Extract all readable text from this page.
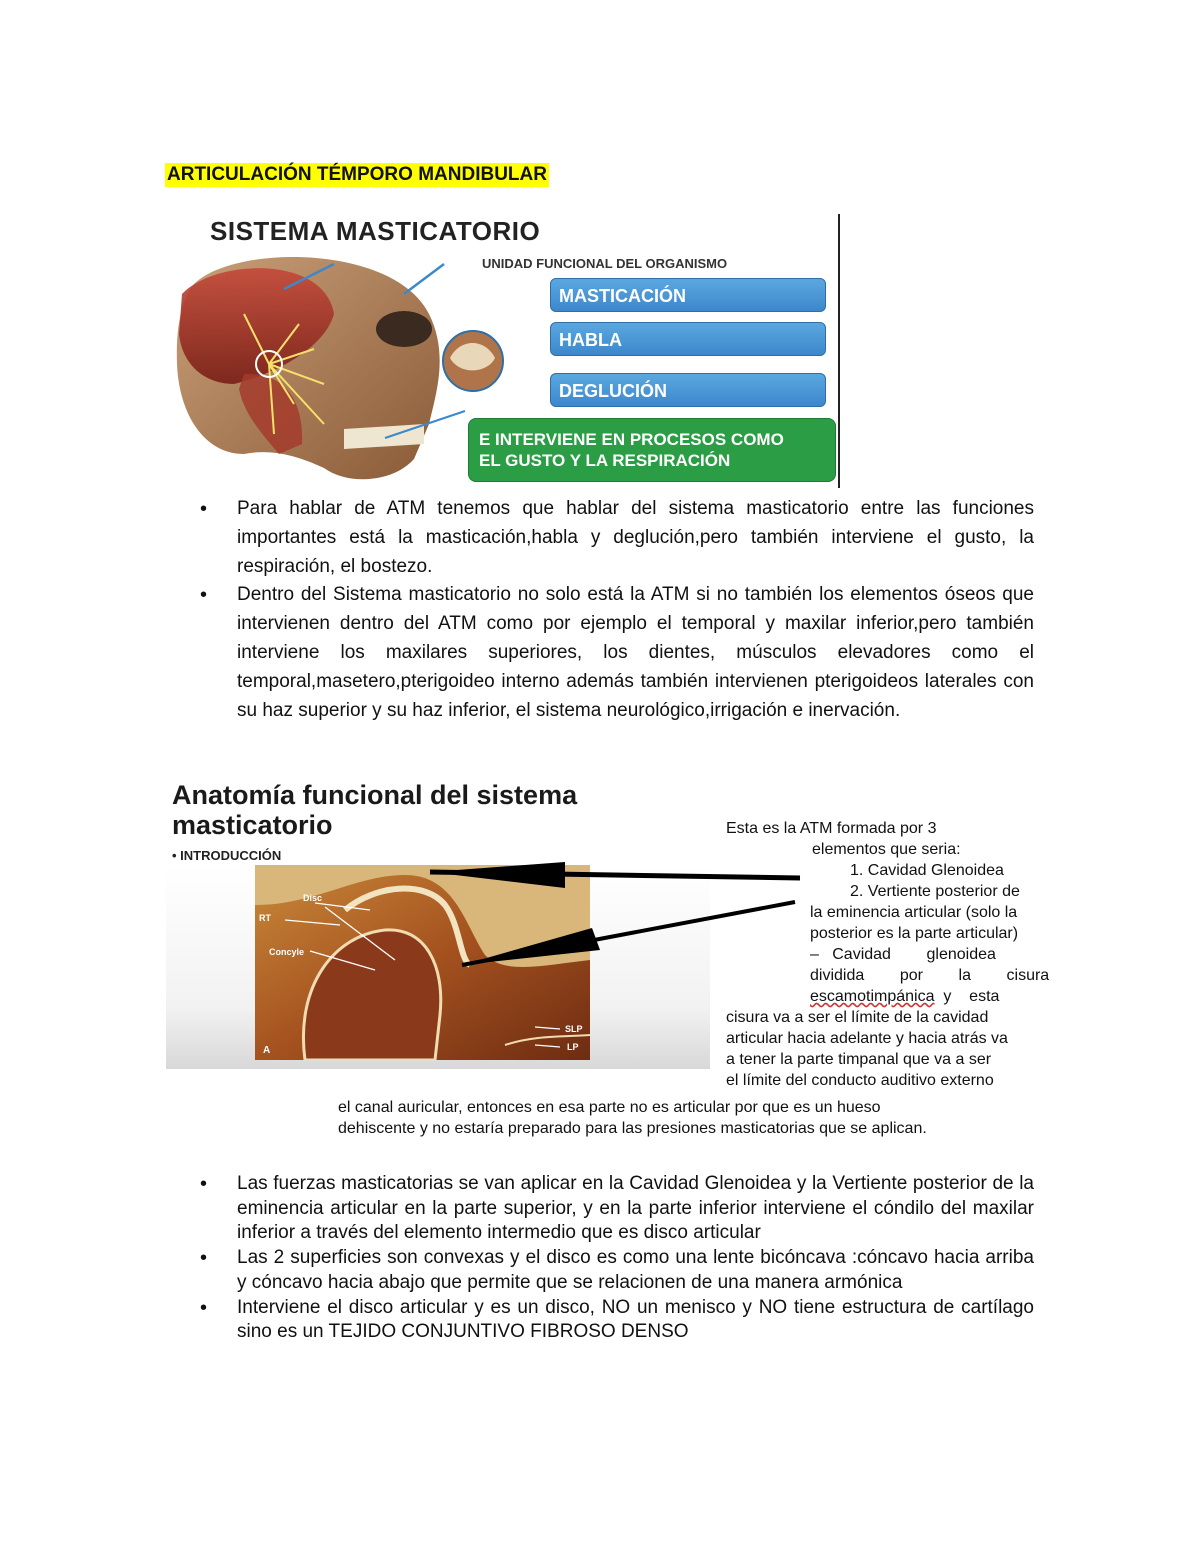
ARTICULACIÓN TÉMPORO MANDIBULAR
SISTEMA MASTICATORIO
UNIDAD FUNCIONAL DEL ORGANISMO
MASTICACIÓN
HABLA
DEGLUCIÓN
E INTERVIENE EN PROCESOS COMO
EL GUSTO Y LA RESPIRACIÓN
• Para hablar de ATM tenemos que hablar del sistema masticatorio entre las funciones importantes está la masticación,habla y deglución,pero también interviene el gusto, la respiración, el bostezo.
• Dentro del Sistema masticatorio no solo está la ATM si no también los elementos óseos que intervienen dentro del ATM como por ejemplo el temporal y maxilar inferior,pero también interviene los maxilares superiores, los dientes, músculos elevadores como el temporal,masetero,pterigoideo interno además también intervienen pterigoideos laterales con su haz superior y su haz inferior, el sistema neurológico,irrigación e inervación.
Anatomía funcional del sistema
masticatorio
• INTRODUCCIÓN
Disc
RT
Concyle
SLP
LP
A
Esta es la ATM formada por 3
elementos que seria:
1. Cavidad Glenoidea
2. Vertiente posterior de
la eminencia articular (solo la
posterior es la parte articular)
–   Cavidad        glenoidea
dividida        por        la        cisura
escamotimpánica  y    esta
cisura va a ser el límite de la cavidad
articular hacia adelante y hacia atrás va
a tener la parte timpanal que va a ser
el límite del conducto auditivo externo
el canal auricular, entonces en esa parte no es articular por que es un hueso
dehiscente y no estaría preparado para las presiones masticatorias que se aplican.
• Las fuerzas masticatorias se van aplicar en la Cavidad Glenoidea y la Vertiente posterior de la eminencia articular en la parte superior, y en la parte inferior interviene el cóndilo del maxilar inferior a través del elemento intermedio que es disco articular
• Las 2 superficies son convexas y el disco es como una lente bicóncava :cóncavo hacia arriba y cóncavo hacia abajo que permite que se relacionen de una manera armónica
• Interviene el disco articular y es un disco, NO un menisco y NO tiene estructura de cartílago sino es un TEJIDO CONJUNTIVO FIBROSO DENSO
